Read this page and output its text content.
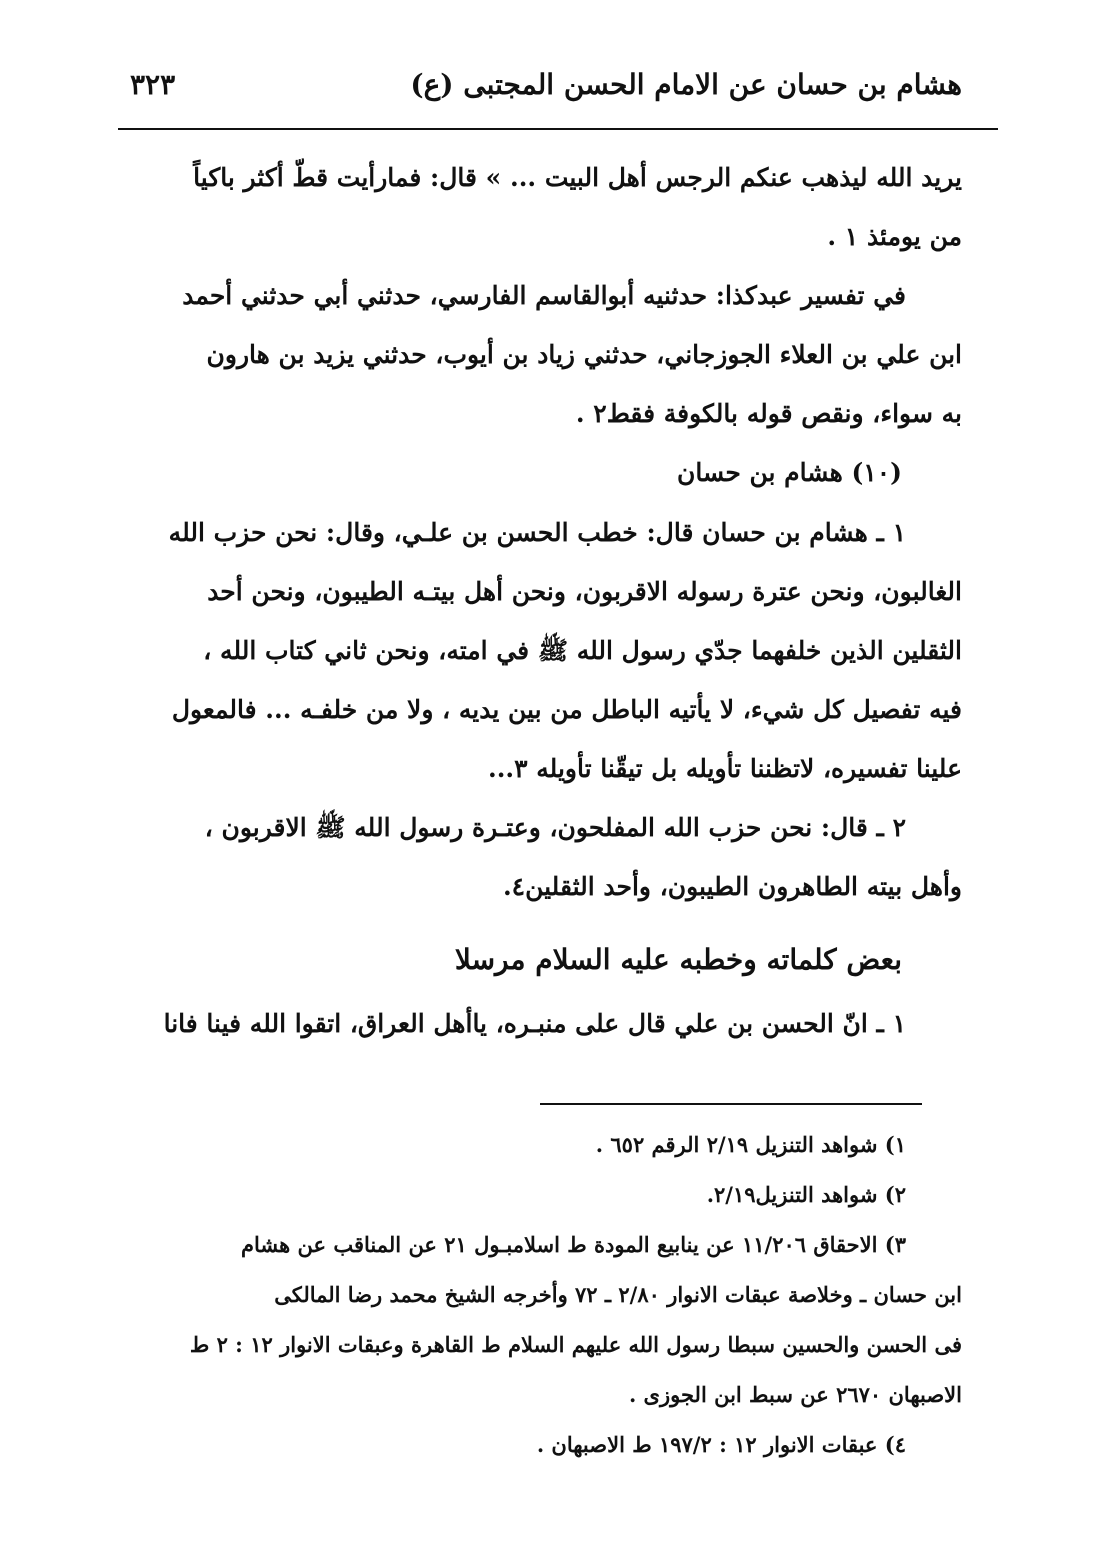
هشام بن حسان عن الامام الحسن المجتبى (ع)
٣٢٣
يريد الله ليذهب عنكم الرجس أهل البيت ... » قال: فمارأيت قطّ أكثر باكياً
من يومئذ ١ .
في تفسير عبدكذا: حدثنيه أبوالقاسم الفارسي، حدثني أبي حدثني أحمد
ابن علي بن العلاء الجوزجاني، حدثني زياد بن أيوب، حدثني يزيد بن هارون
به سواء، ونقص قوله بالكوفة فقط٢ .
(١٠) هشام بن حسان
١ ـ هشام بن حسان قال: خطب الحسن بن علـي، وقال: نحن حزب الله
الغالبون، ونحن عترة رسوله الاقربون، ونحن أهل بيتـه الطيبون، ونحن أحد
الثقلين الذين خلفهما جدّي رسول الله ﷺ في امته، ونحن ثاني كتاب الله ،
فيه تفصيل كل شيء، لا يأتيه الباطل من بين يديه ، ولا من خلفـه ... فالمعول
علينا تفسيره، لاتظننا تأويله بل تيقّنا تأويله ٣...
٢ ـ قال: نحن حزب الله المفلحون، وعتـرة رسول الله ﷺ الاقربون ،
وأهل بيته الطاهرون الطيبون، وأحد الثقلين٤.
بعض كلماته وخطبه عليه السلام مرسلا
١ ـ انّ الحسن بن علي قال على منبـره، ياأهل العراق، اتقوا الله فينا فانا
١) شواهد التنزيل ٢/١٩ الرقم ٦٥٢ .
٢) شواهد التنزيل٢/١٩.
٣) الاحقاق ١١/٢٠٦ عن ينابيع المودة ط اسلامبـول ٢١ عن المناقب عن هشام
ابن حسان ـ وخلاصة عبقات الانوار ٢/٨٠ ـ ٧٢ وأخرجه الشيخ محمد رضا المالكى
فى الحسن والحسين سبطا رسول الله عليهم السلام ط القاهرة وعبقات الانوار ١٢ : ٢ ط
الاصبهان ٢٦٧٠ عن سبط ابن الجوزى .
٤) عبقات الانوار ١٢ : ١٩٧/٢ ط الاصبهان .
